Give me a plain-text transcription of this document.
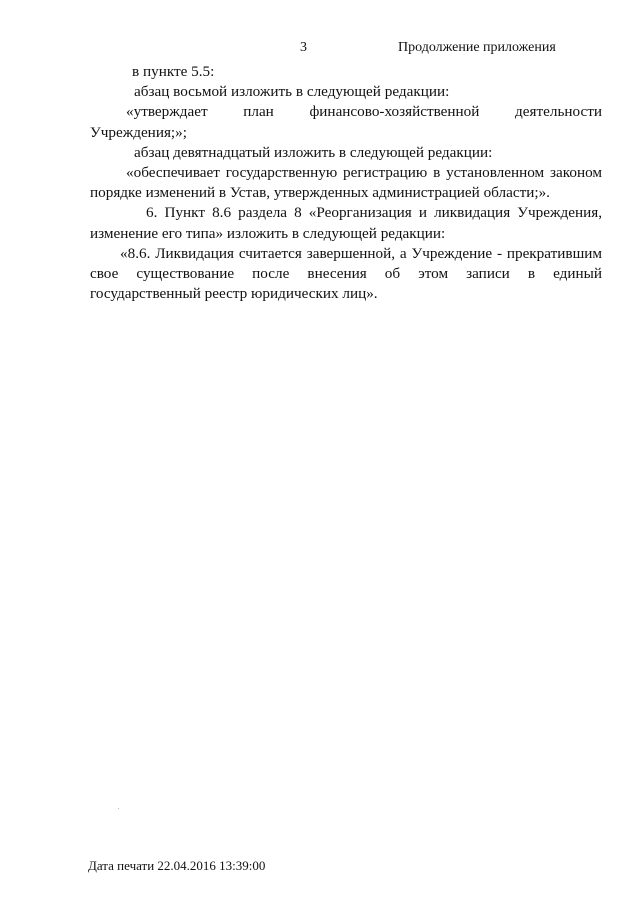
3	Продолжение приложения

в пункте 5.5:

абзац восьмой изложить в следующей редакции:

«утверждает план финансово-хозяйственной деятельности Учреждения;»;

абзац девятнадцатый изложить в следующей редакции:

«обеспечивает государственную регистрацию в установленном законом порядке изменений в Устав, утвержденных администрацией области;».

6. Пункт 8.6 раздела 8 «Реорганизация и ликвидация Учреждения, изменение его типа» изложить в следующей редакции:

«8.6. Ликвидация считается завершенной, а Учреждение - прекратившим свое существование после внесения об этом записи в единый государственный реестр юридических лиц».

Дата печати 22.04.2016 13:39:00
